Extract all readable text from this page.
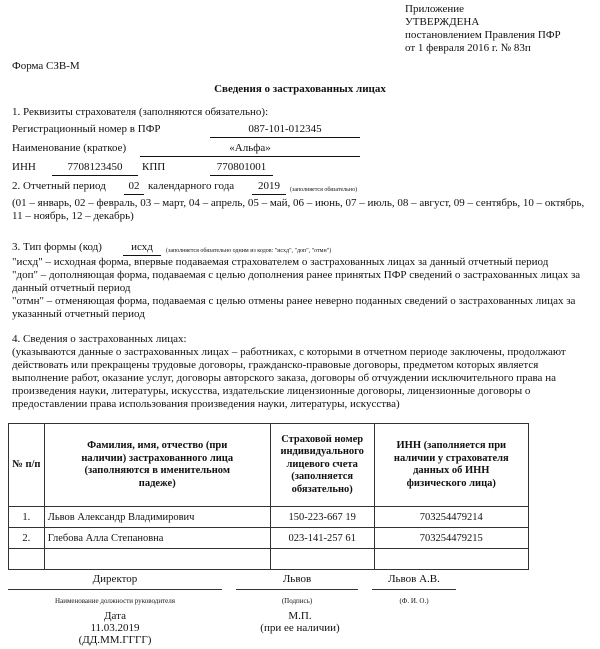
Приложение
УТВЕРЖДЕНА
постановлением Правления ПФР
от 1 февраля 2016 г. № 83п
Форма СЗВ-М
Сведения о застрахованных лицах
1. Реквизиты страхователя (заполняются обязательно):
Регистрационный номер в ПФР	087-101-012345
Наименование (краткое)	«Альфа»
ИНН	7708123450	КПП	770801001
2. Отчетный период	02 календарного года	2019	(заполняется обязательно)
(01 – январь, 02 – февраль, 03 – март, 04 – апрель, 05 – май, 06 – июнь, 07 – июль, 08 – август, 09 – сентябрь, 10 – октябрь, 11 – ноябрь, 12 – декабрь)
3. Тип формы (код)	исхд	(заполняется обязательно одним из кодов: "исхд", "доп", "отмн")
"исхд" – исходная форма, впервые подаваемая страхователем о застрахованных лицах за данный отчетный период
"доп" – дополняющая форма, подаваемая с целью дополнения ранее принятых ПФР сведений о застрахованных лицах за данный отчетный период
"отмн" – отменяющая форма, подаваемая с целью отмены ранее неверно поданных сведений о застрахованных лицах за указанный отчетный период
4. Сведения о застрахованных лицах:
(указываются данные о застрахованных лицах – работниках, с которыми в отчетном периоде заключены, продолжают действовать или прекращены трудовые договоры, гражданско-правовые договоры, предметом которых является выполнение работ, оказание услуг, договоры авторского заказа, договоры об отчуждении исключительного права на произведения науки, литературы, искусства, издательские лицензионные договоры, лицензионные договоры о предоставлении права использования произведения науки, литературы, искусства)
№ п/п	Фамилия, имя, отчество (при наличии) застрахованного лица (заполняются в именительном падеже)	Страховой номер индивидуального лицевого счета (заполняется обязательно)	ИНН (заполняется при наличии у страхователя данных об ИНН физического лица)
1.	Львов Александр Владимирович	150-223-667 19	703254479214
2.	Глебова Алла Степановна	023-141-257 61	703254479215

Директор
Наименование должности руководителя
Львов
(Подпись)
Львов А.В.
(Ф. И. О.)
Дата
11.03.2019
(ДД.ММ.ГГГГ)
М.П.
(при ее наличии)
